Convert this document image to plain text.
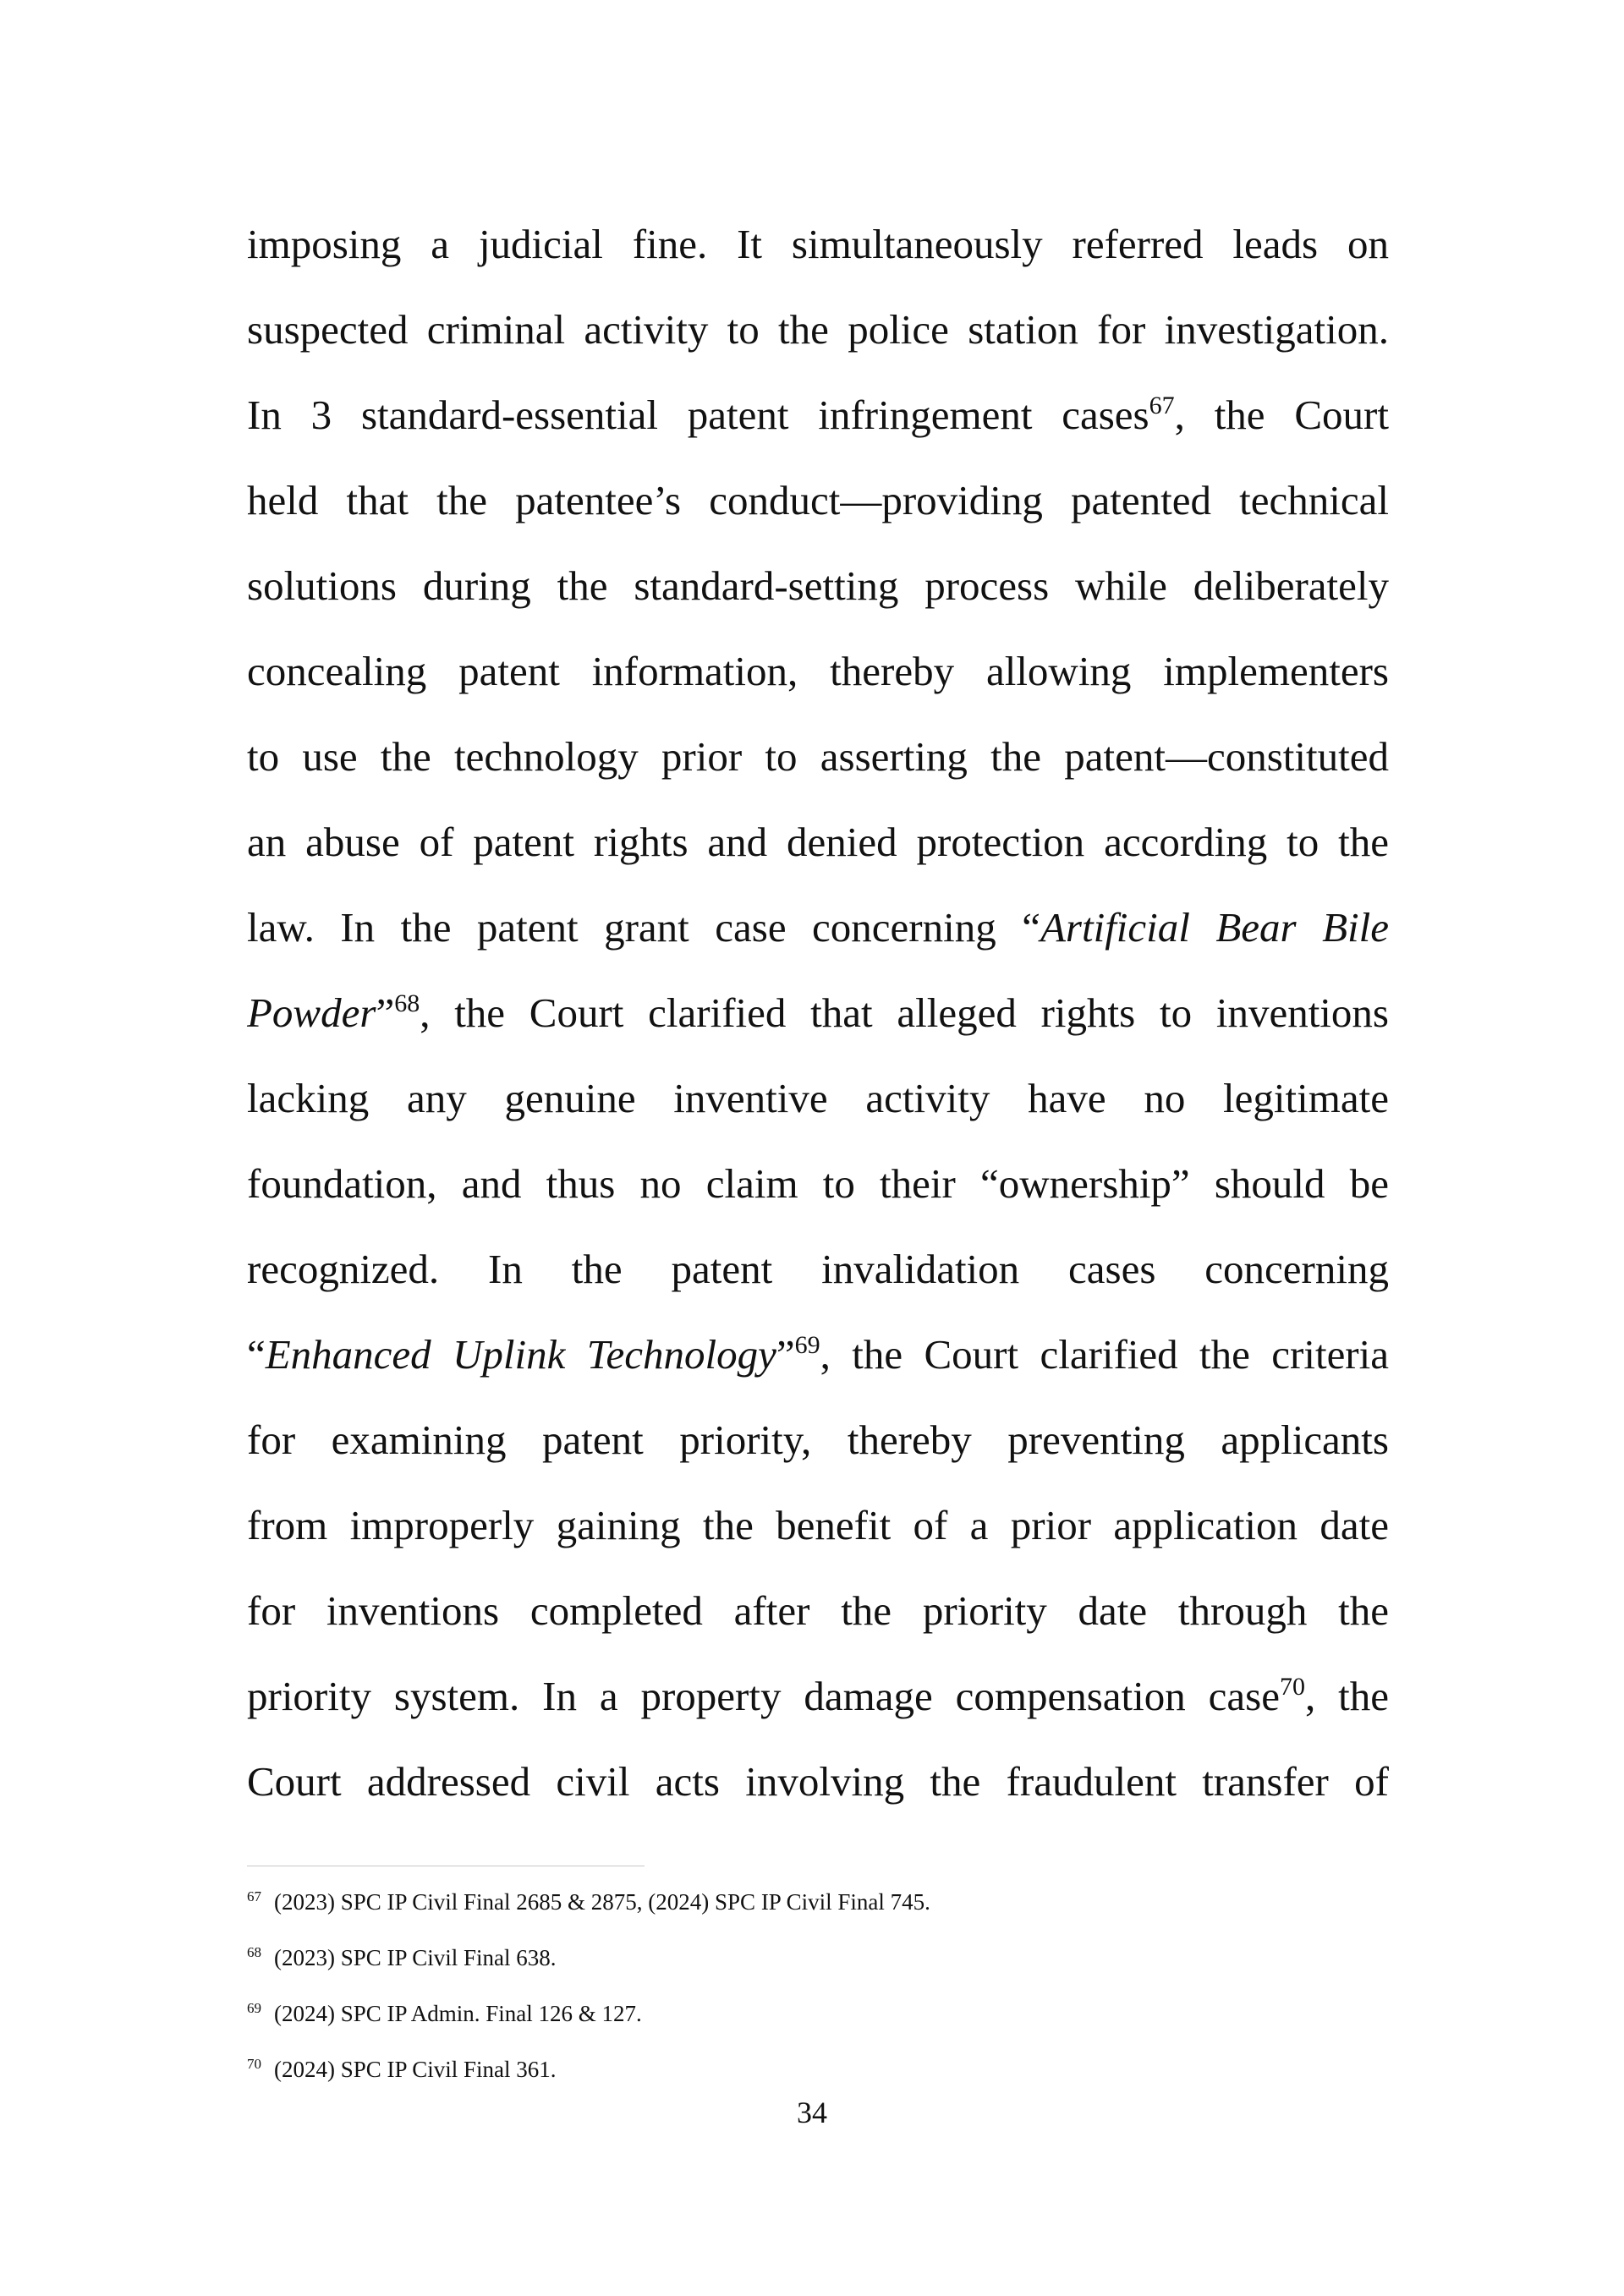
imposing a judicial fine. It simultaneously referred leads on
suspected criminal activity to the police station for investigation.
In 3 standard-essential patent infringement cases$^{67}$, the Court
held that the patentee’s conduct—providing patented technical
solutions during the standard-setting process while deliberately
concealing patent information, thereby allowing implementers
to use the technology prior to asserting the patent—constituted
an abuse of patent rights and denied protection according to the
law. In the patent grant case concerning “Artificial Bear Bile
Powder”$^{68}$, the Court clarified that alleged rights to inventions
lacking any genuine inventive activity have no legitimate
foundation, and thus no claim to their “ownership” should be
recognized. In the patent invalidation cases concerning
“Enhanced Uplink Technology”$^{69}$, the Court clarified the criteria
for examining patent priority, thereby preventing applicants
from improperly gaining the benefit of a prior application date
for inventions completed after the priority date through the
priority system. In a property damage compensation case$^{70}$, the
Court addressed civil acts involving the fraudulent transfer of
67 (2023) SPC IP Civil Final 2685 & 2875, (2024) SPC IP Civil Final 745.
68 (2023) SPC IP Civil Final 638.
69 (2024) SPC IP Admin. Final 126 & 127.
70 (2024) SPC IP Civil Final 361.
34
